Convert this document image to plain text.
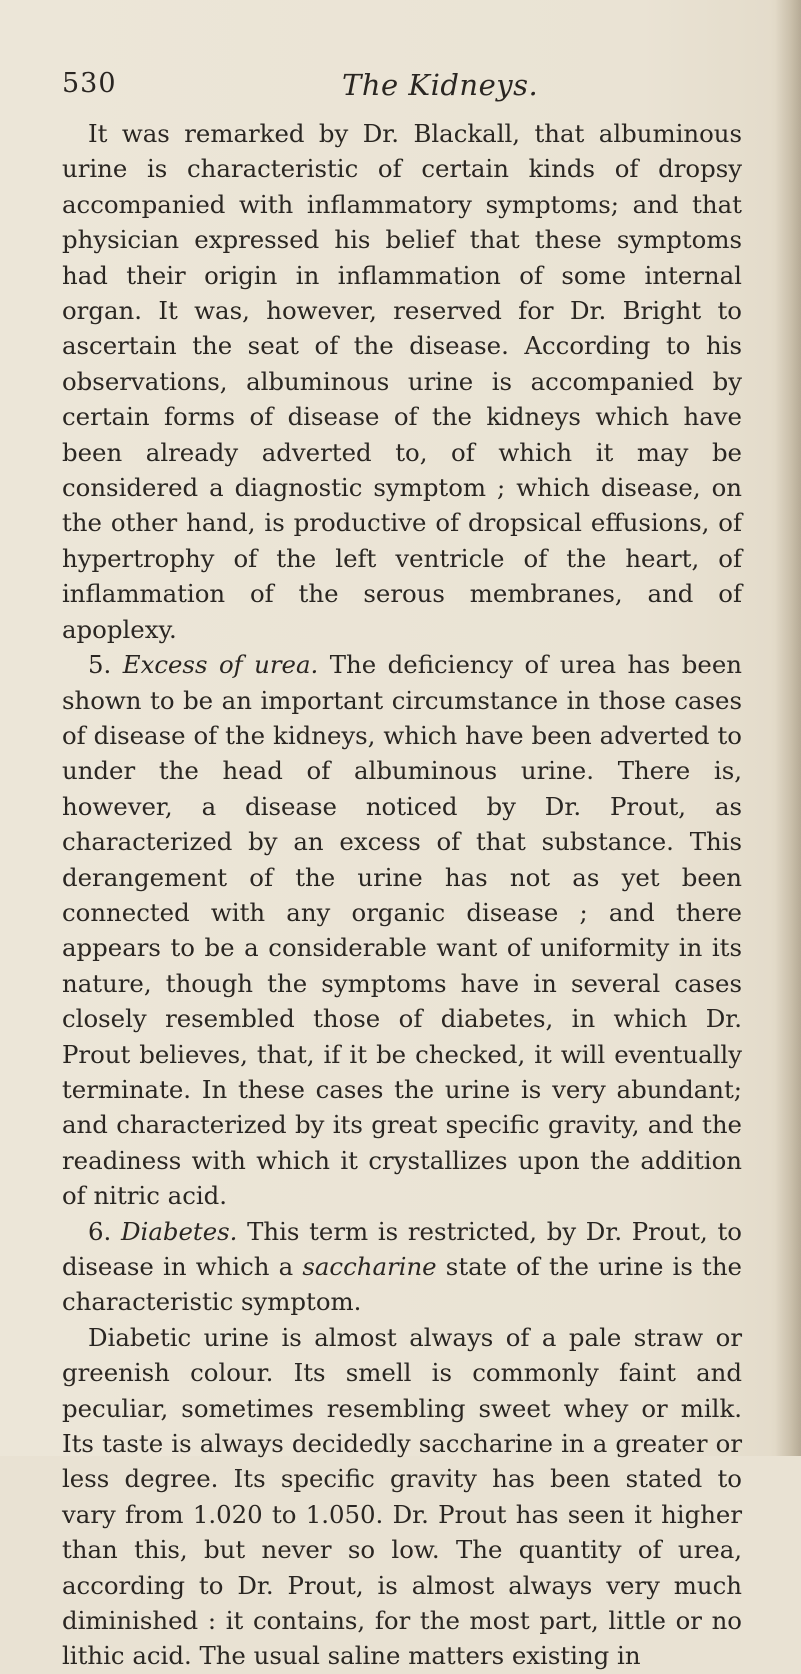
530	The Kidneys.

It was remarked by Dr. Blackall, that albuminous urine is characteristic of certain kinds of dropsy accompanied with inflammatory symptoms; and that physician expressed his belief that these symptoms had their origin in inflammation of some internal organ. It was, however, reserved for Dr. Bright to ascertain the seat of the disease. According to his observations, albuminous urine is accompanied by certain forms of disease of the kidneys which have been already adverted to, of which it may be considered a diagnostic symptom ; which disease, on the other hand, is productive of dropsical effusions, of hypertrophy of the left ventricle of the heart, of inflammation of the serous membranes, and of apoplexy.

5. Excess of urea. The deficiency of urea has been shown to be an important circumstance in those cases of disease of the kidneys, which have been adverted to under the head of albuminous urine. There is, however, a disease noticed by Dr. Prout, as characterized by an excess of that substance. This derangement of the urine has not as yet been connected with any organic disease ; and there appears to be a considerable want of uniformity in its nature, though the symptoms have in several cases closely resembled those of diabetes, in which Dr. Prout believes, that, if it be checked, it will eventually terminate. In these cases the urine is very abundant; and characterized by its great specific gravity, and the readiness with which it crystallizes upon the addition of nitric acid.

6. Diabetes. This term is restricted, by Dr. Prout, to disease in which a saccharine state of the urine is the characteristic symptom.

Diabetic urine is almost always of a pale straw or greenish colour. Its smell is commonly faint and peculiar, sometimes resembling sweet whey or milk. Its taste is always decidedly saccharine in a greater or less degree. Its specific gravity has been stated to vary from 1.020 to 1.050. Dr. Prout has seen it higher than this, but never so low. The quantity of urea, according to Dr. Prout, is almost always very much diminished : it contains, for the most part, little or no lithic acid. The usual saline matters existing in
